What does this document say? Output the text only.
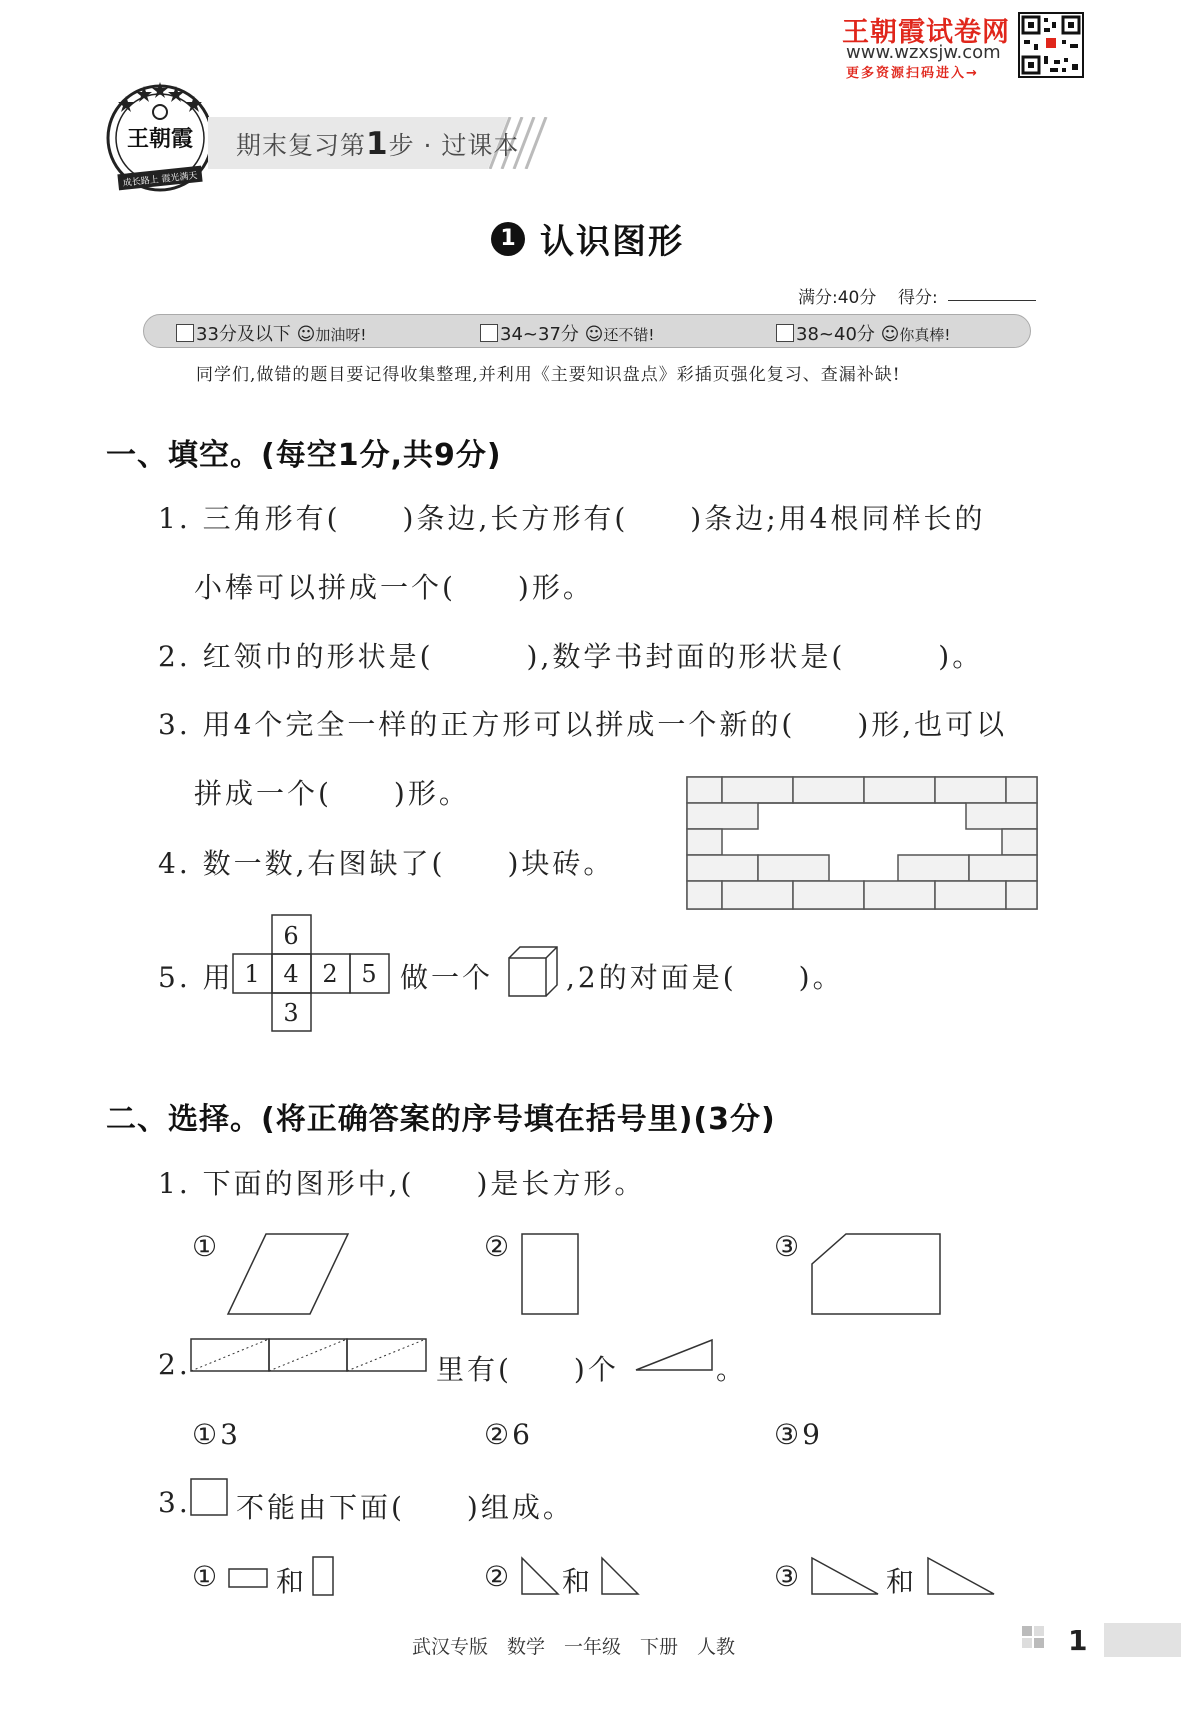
王朝霞试卷网
www.wzxsjw.com
更多资源扫码进入→
王朝霞
成长路上 霞光满天
期末复习第1步 · 过课本
1 认识图形
满分:40分 得分:
33分及以下 ☺加油呀!	34~37分 ☺还不错!	38~40分 ☺你真棒!
同学们,做错的题目要记得收集整理,并利用《主要知识盘点》彩插页强化复习、查漏补缺!
一、填空。(每空1分,共9分)
1. 三角形有(　　)条边,长方形有(　　)条边;用4根同样长的
小棒可以拼成一个(　　)形。
2. 红领巾的形状是(　　　),数学书封面的形状是(　　　)。
3. 用4个完全一样的正方形可以拼成一个新的(　　)形,也可以
拼成一个(　　)形。
4. 数一数,右图缺了(　　)块砖。
5. 用
6
1 4 2 5
3
做一个	,2的对面是(　　)。
二、选择。(将正确答案的序号填在括号里)(3分)
1. 下面的图形中,(　　)是长方形。
①	②	③
2.	里有(　　)个	。
①3	②6	③9
3. 不能由下面(　　)组成。
① 和	② 和	③	和
武汉专版　数学　一年级　下册　人教	1
